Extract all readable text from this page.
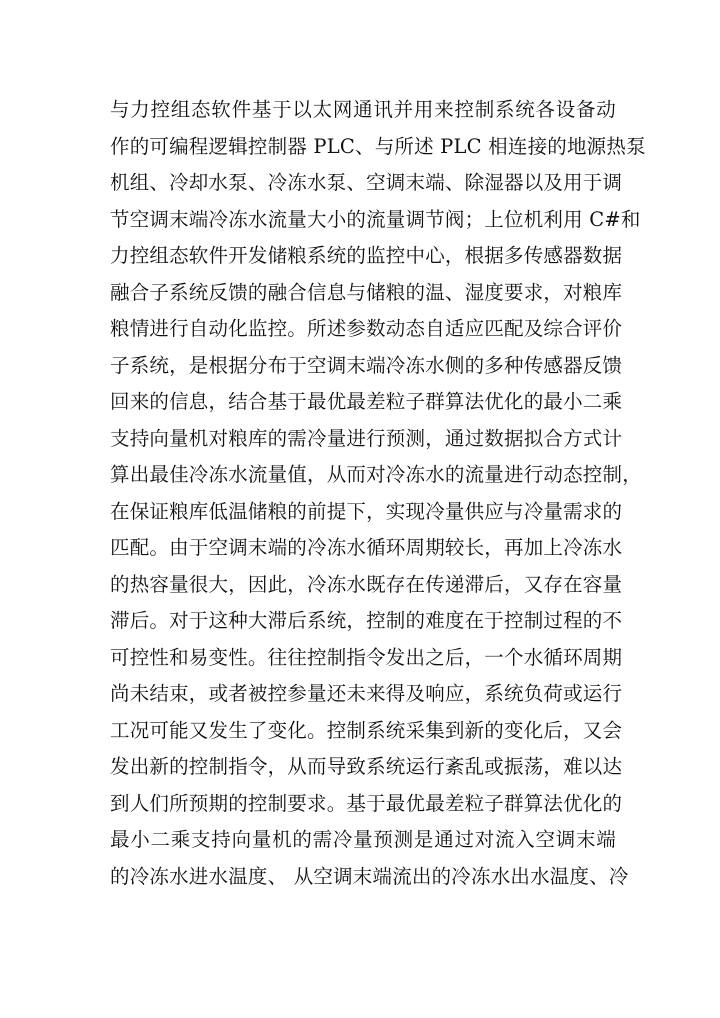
与力控组态软件基于以太网通讯并用来控制系统各设备动
作的可编程逻辑控制器 PLC、与所述 PLC 相连接的地源热泵
机组、冷却水泵、冷冻水泵、空调末端、除湿器以及用于调
节空调末端冷冻水流量大小的流量调节阀；上位机利用 C#和
力控组态软件开发储粮系统的监控中心，根据多传感器数据
融合子系统反馈的融合信息与储粮的温、湿度要求，对粮库
粮情进行自动化监控。所述参数动态自适应匹配及综合评价
子系统，是根据分布于空调末端冷冻水侧的多种传感器反馈
回来的信息，结合基于最优最差粒子群算法优化的最小二乘
支持向量机对粮库的需冷量进行预测，通过数据拟合方式计
算出最佳冷冻水流量值，从而对冷冻水的流量进行动态控制，
在保证粮库低温储粮的前提下，实现冷量供应与冷量需求的
匹配。由于空调末端的冷冻水循环周期较长，再加上冷冻水
的热容量很大，因此，冷冻水既存在传递滞后，又存在容量
滞后。对于这种大滞后系统，控制的难度在于控制过程的不
可控性和易变性。往往控制指令发出之后，一个水循环周期
尚未结束，或者被控参量还未来得及响应，系统负荷或运行
工况可能又发生了变化。控制系统采集到新的变化后，又会
发出新的控制指令，从而导致系统运行紊乱或振荡，难以达
到人们所预期的控制要求。基于最优最差粒子群算法优化的
最小二乘支持向量机的需冷量预测是通过对流入空调末端
的冷冻水进水温度、 从空调末端流出的冷冻水出水温度、冷
